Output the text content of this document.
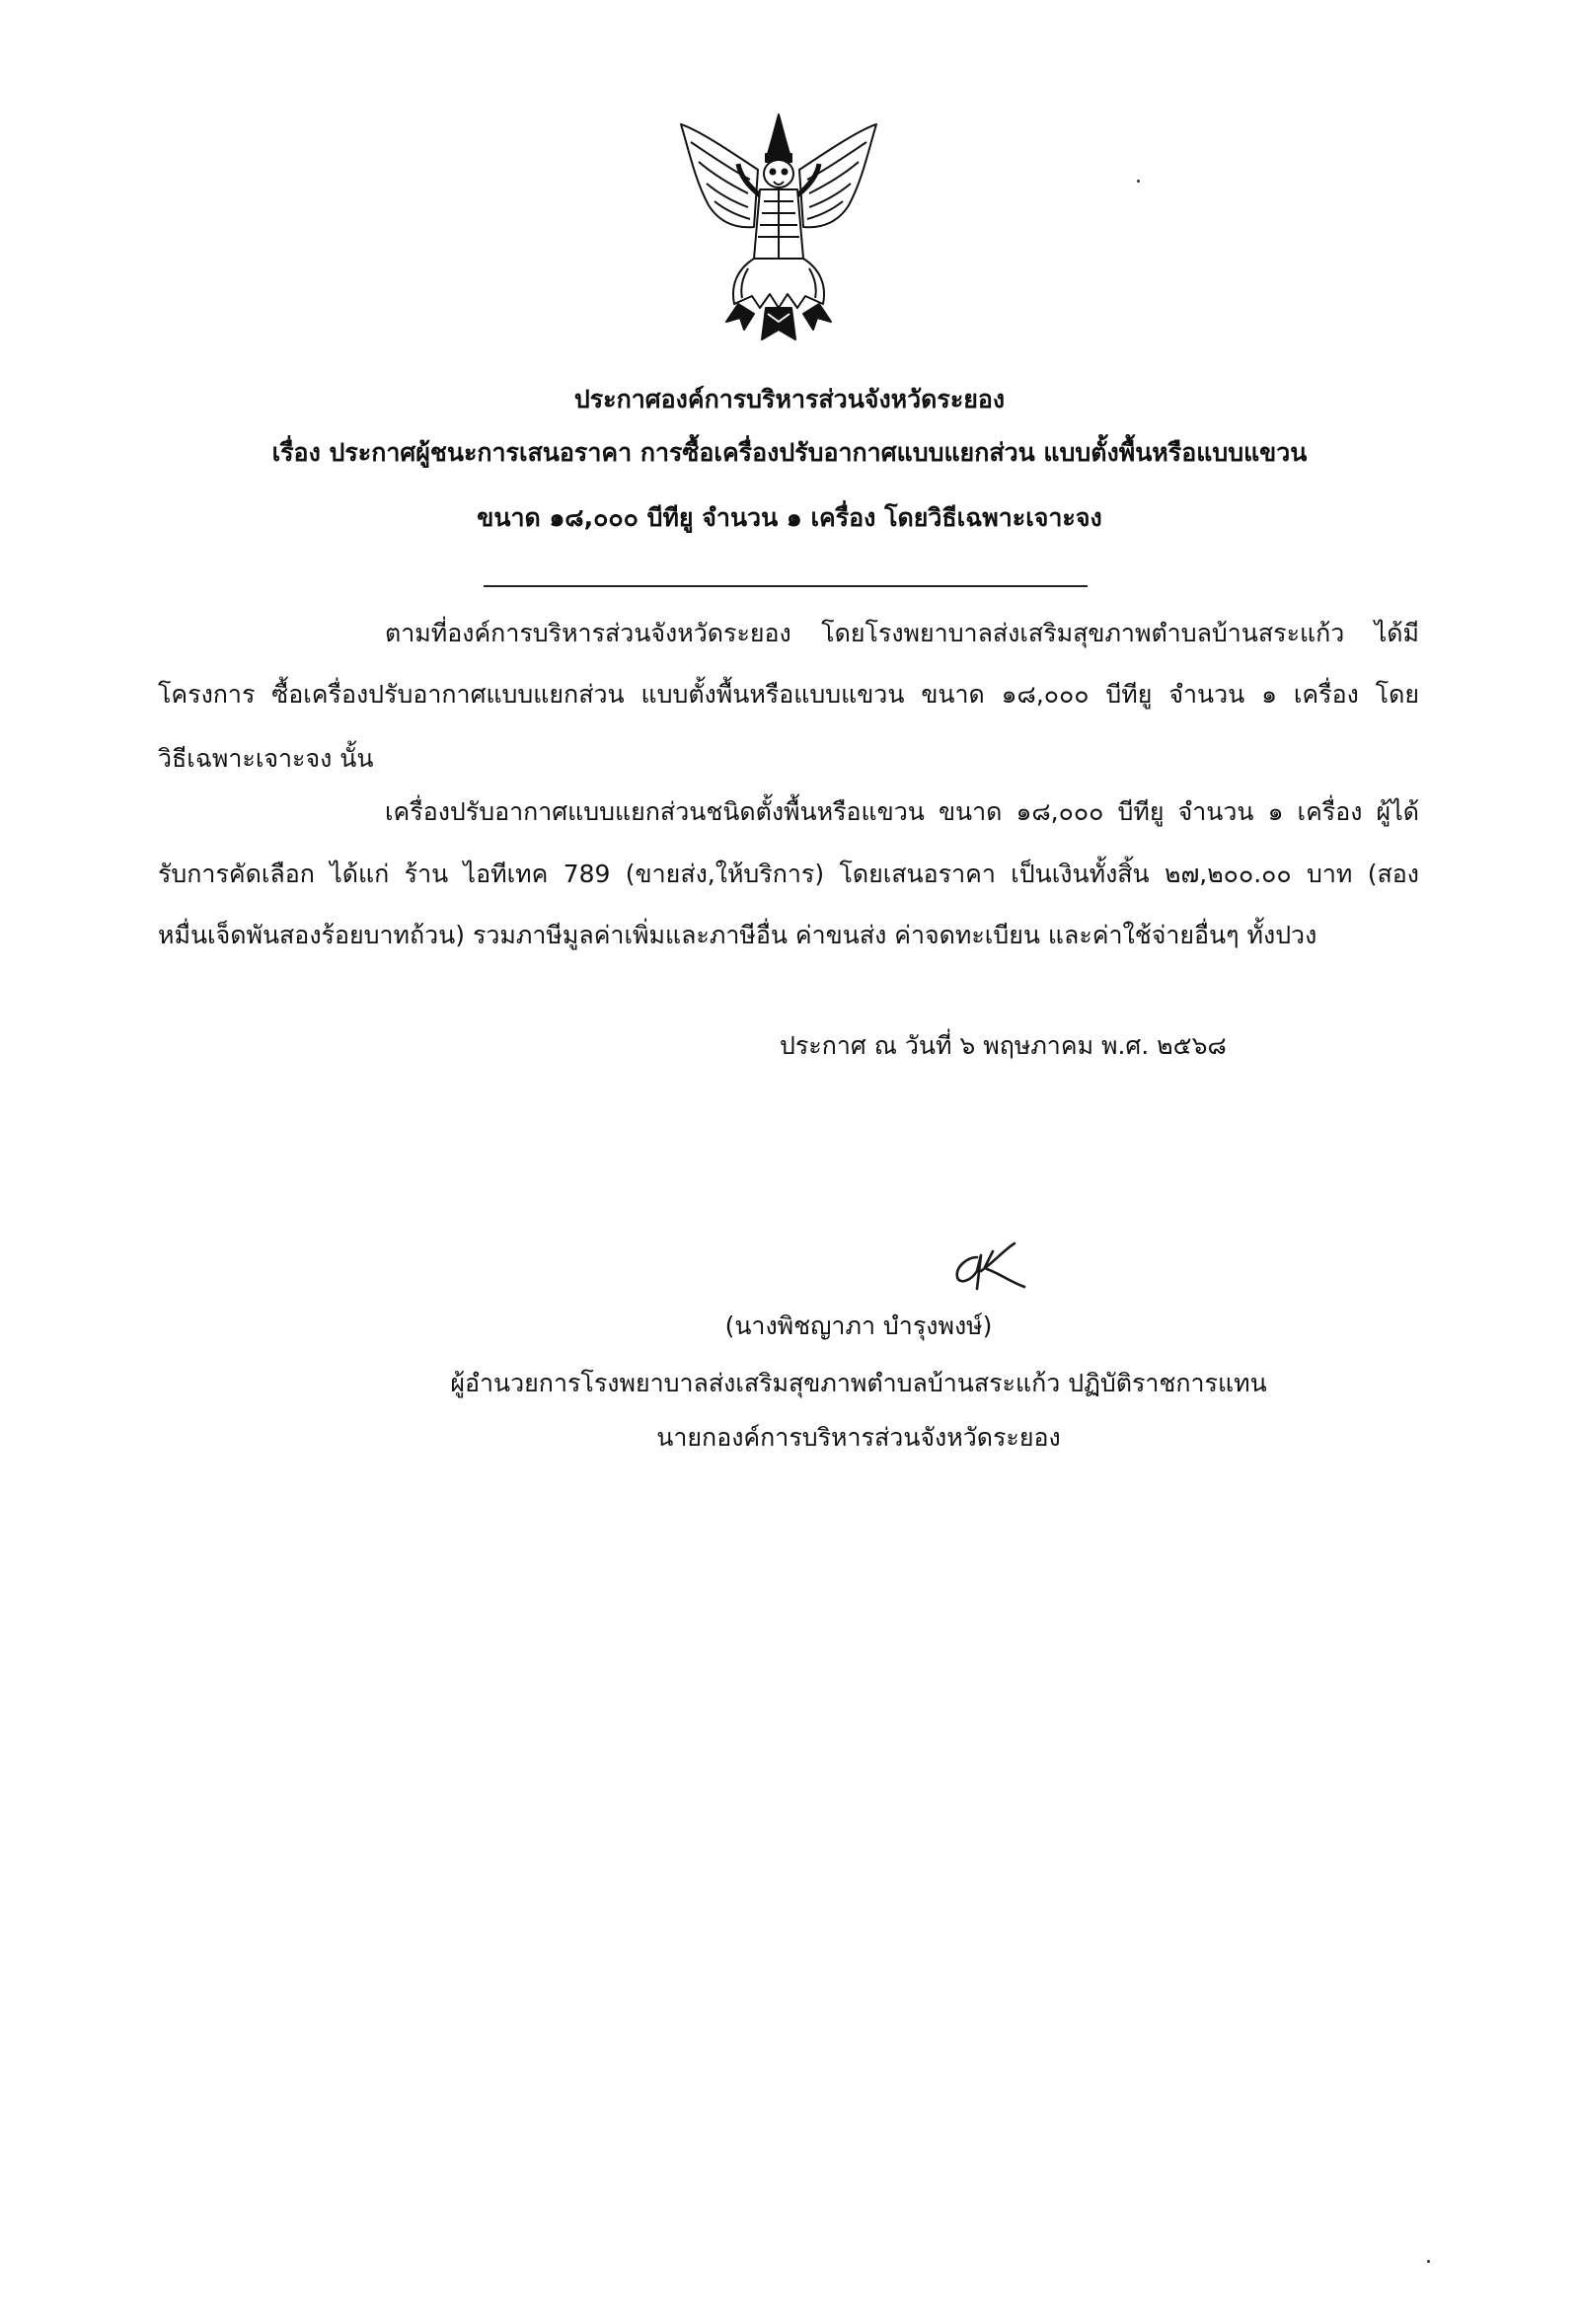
ประกาศองค์การบริหารส่วนจังหวัดระยอง
เรื่อง ประกาศผู้ชนะการเสนอราคา การซื้อเครื่องปรับอากาศแบบแยกส่วน แบบตั้งพื้นหรือแบบแขวน
ขนาด ๑๘,๐๐๐ บีทียู จำนวน ๑ เครื่อง โดยวิธีเฉพาะเจาะจง
ตามที่องค์การบริหารส่วนจังหวัดระยอง โดยโรงพยาบาลส่งเสริมสุขภาพตำบลบ้านสระแก้ว ได้มี
โครงการ ซื้อเครื่องปรับอากาศแบบแยกส่วน แบบตั้งพื้นหรือแบบแขวน ขนาด ๑๘,๐๐๐ บีทียู จำนวน ๑ เครื่อง โดย
วิธีเฉพาะเจาะจง นั้น
เครื่องปรับอากาศแบบแยกส่วนชนิดตั้งพื้นหรือแขวน ขนาด ๑๘,๐๐๐ บีทียู จำนวน ๑ เครื่อง ผู้ได้
รับการคัดเลือก ได้แก่ ร้าน ไอทีเทค 789 (ขายส่ง,ให้บริการ) โดยเสนอราคา เป็นเงินทั้งสิ้น ๒๗,๒๐๐.๐๐ บาท (สอง
หมื่นเจ็ดพันสองร้อยบาทถ้วน) รวมภาษีมูลค่าเพิ่มและภาษีอื่น ค่าขนส่ง ค่าจดทะเบียน และค่าใช้จ่ายอื่นๆ ทั้งปวง
ประกาศ ณ วันที่ ๖ พฤษภาคม พ.ศ. ๒๕๖๘
(นางพิชญาภา บำรุงพงษ์)
ผู้อำนวยการโรงพยาบาลส่งเสริมสุขภาพตำบลบ้านสระแก้ว ปฏิบัติราชการแทน
นายกองค์การบริหารส่วนจังหวัดระยอง
